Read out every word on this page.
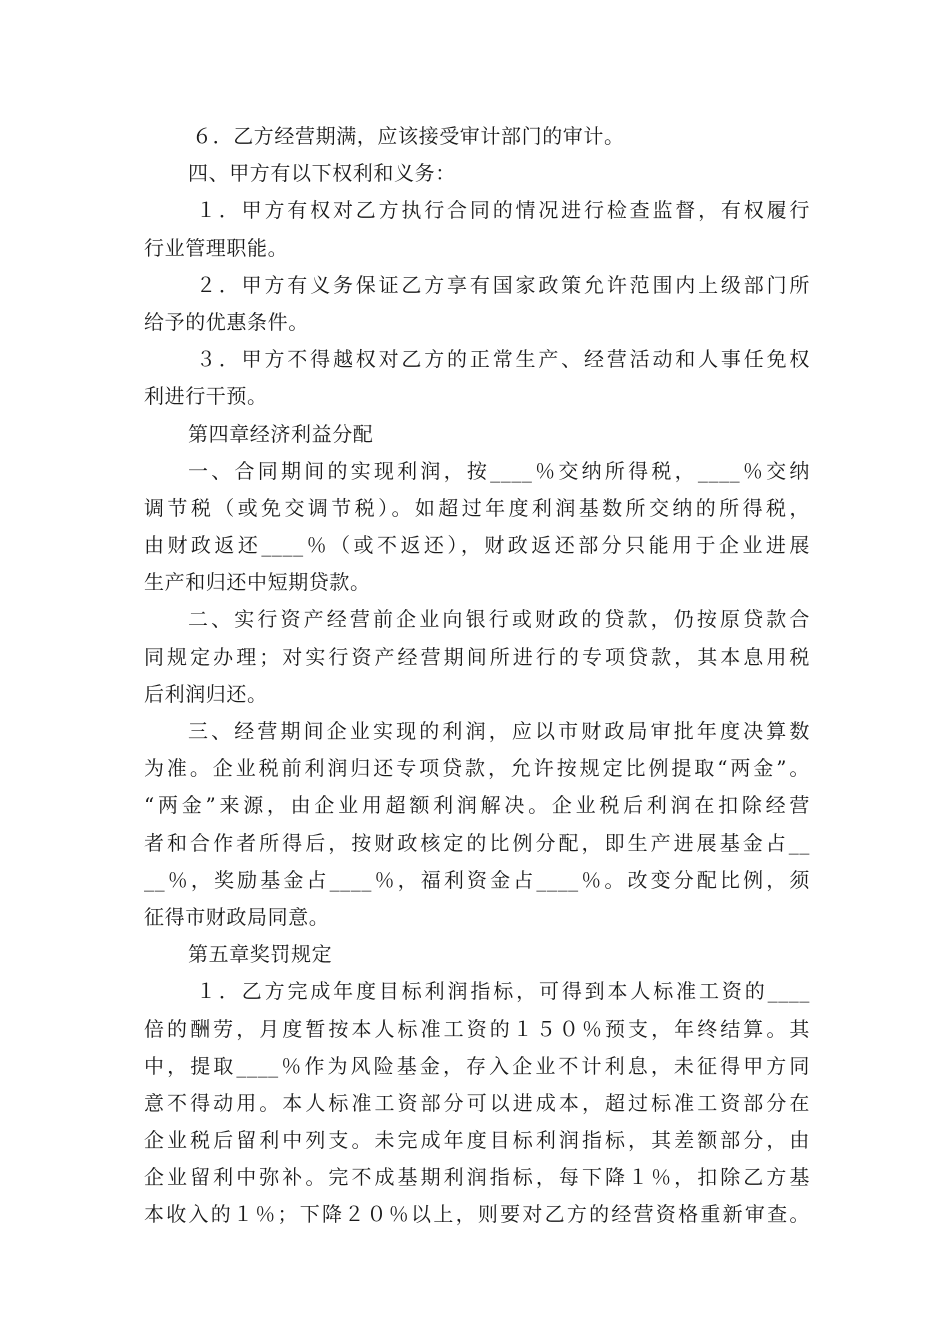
６．乙方经营期满，应该接受审计部门的审计。
四、甲方有以下权利和义务：
１．甲方有权对乙方执行合同的情况进行检查监督，有权履行
行业管理职能。
２．甲方有义务保证乙方享有国家政策允许范围内上级部门所
给予的优惠条件。
３．甲方不得越权对乙方的正常生产、经营活动和人事任免权
利进行干预。
第四章经济利益分配
一、合同期间的实现利润，按____％交纳所得税，____％交纳
调节税（或免交调节税）。如超过年度利润基数所交纳的所得税，
由财政返还____％（或不返还），财政返还部分只能用于企业进展
生产和归还中短期贷款。
二、实行资产经营前企业向银行或财政的贷款，仍按原贷款合
同规定办理；对实行资产经营期间所进行的专项贷款，其本息用税
后利润归还。
三、经营期间企业实现的利润，应以市财政局审批年度决算数
为准。企业税前利润归还专项贷款，允许按规定比例提取“两金”。
“两金”来源，由企业用超额利润解决。企业税后利润在扣除经营
者和合作者所得后，按财政核定的比例分配，即生产进展基金占__
__％，奖励基金占____％，福利资金占____％。改变分配比例，须
征得市财政局同意。
第五章奖罚规定
１．乙方完成年度目标利润指标，可得到本人标准工资的____
倍的酬劳，月度暂按本人标准工资的１５０％预支，年终结算。其
中，提取____％作为风险基金，存入企业不计利息，未征得甲方同
意不得动用。本人标准工资部分可以进成本，超过标准工资部分在
企业税后留利中列支。未完成年度目标利润指标，其差额部分，由
企业留利中弥补。完不成基期利润指标，每下降１％，扣除乙方基
本收入的１％；下降２０％以上，则要对乙方的经营资格重新审查。
